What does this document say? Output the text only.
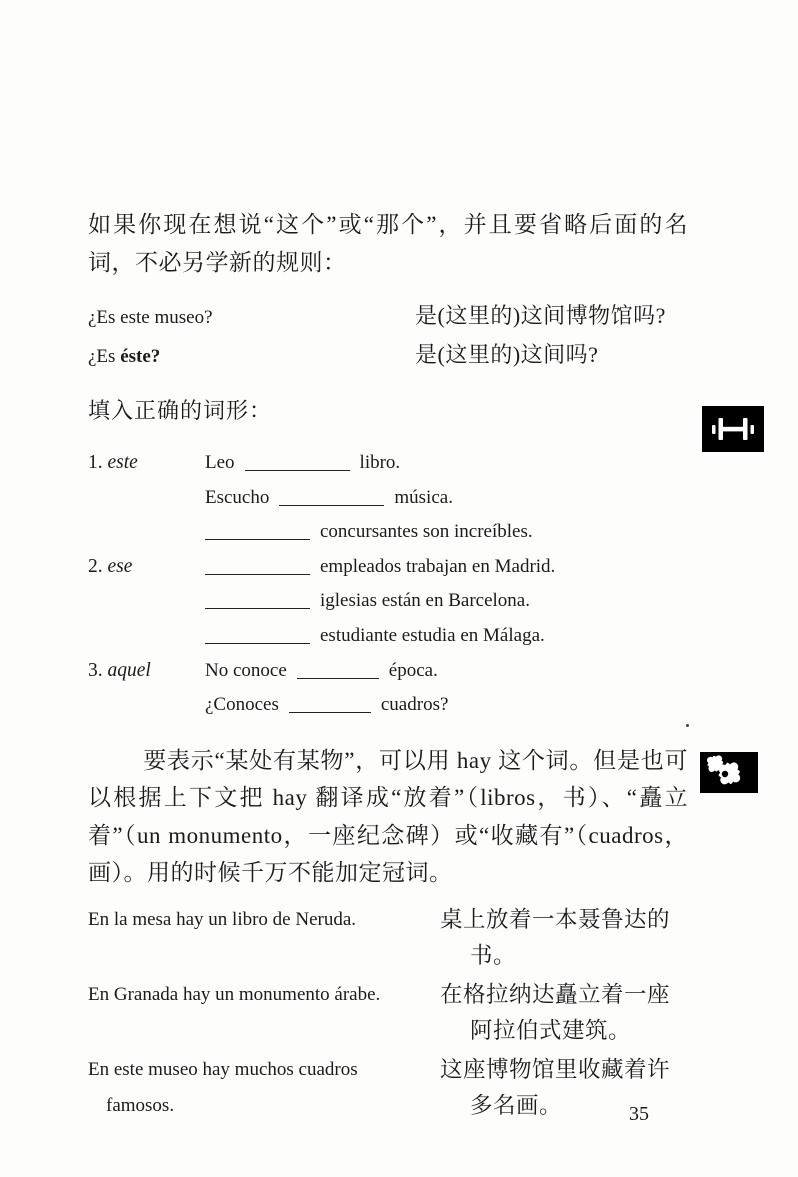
如果你现在想说“这个”或“那个”，并且要省略后面的名词，不必另学新的规则：
¿Es este museo?	是(这里的)这间博物馆吗?
¿Es éste?	是(这里的)这间吗?
填入正确的词形：
1. este	Leo	libro.
Escucho	música.
concursantes son increíbles.
2. ese	empleados trabajan en Madrid.
iglesias están en Barcelona.
estudiante estudia en Málaga.
3. aquel	No conoce	época.
¿Conoces	cuadros?
要表示“某处有某物”，可以用 hay 这个词。但是也可以根据上下文把 hay 翻译成“放着”（libros，书）、“矗立着”（un monumento，一座纪念碑）或“收藏有”（cuadros，画）。用的时候千万不能加定冠词。
En la mesa hay un libro de Neruda.	桌上放着一本聂鲁达的
书。
En Granada hay un monumento árabe.	在格拉纳达矗立着一座
阿拉伯式建筑。
En este museo hay muchos cuadros
famosos.
这座博物馆里收藏着许
多名画。	35
